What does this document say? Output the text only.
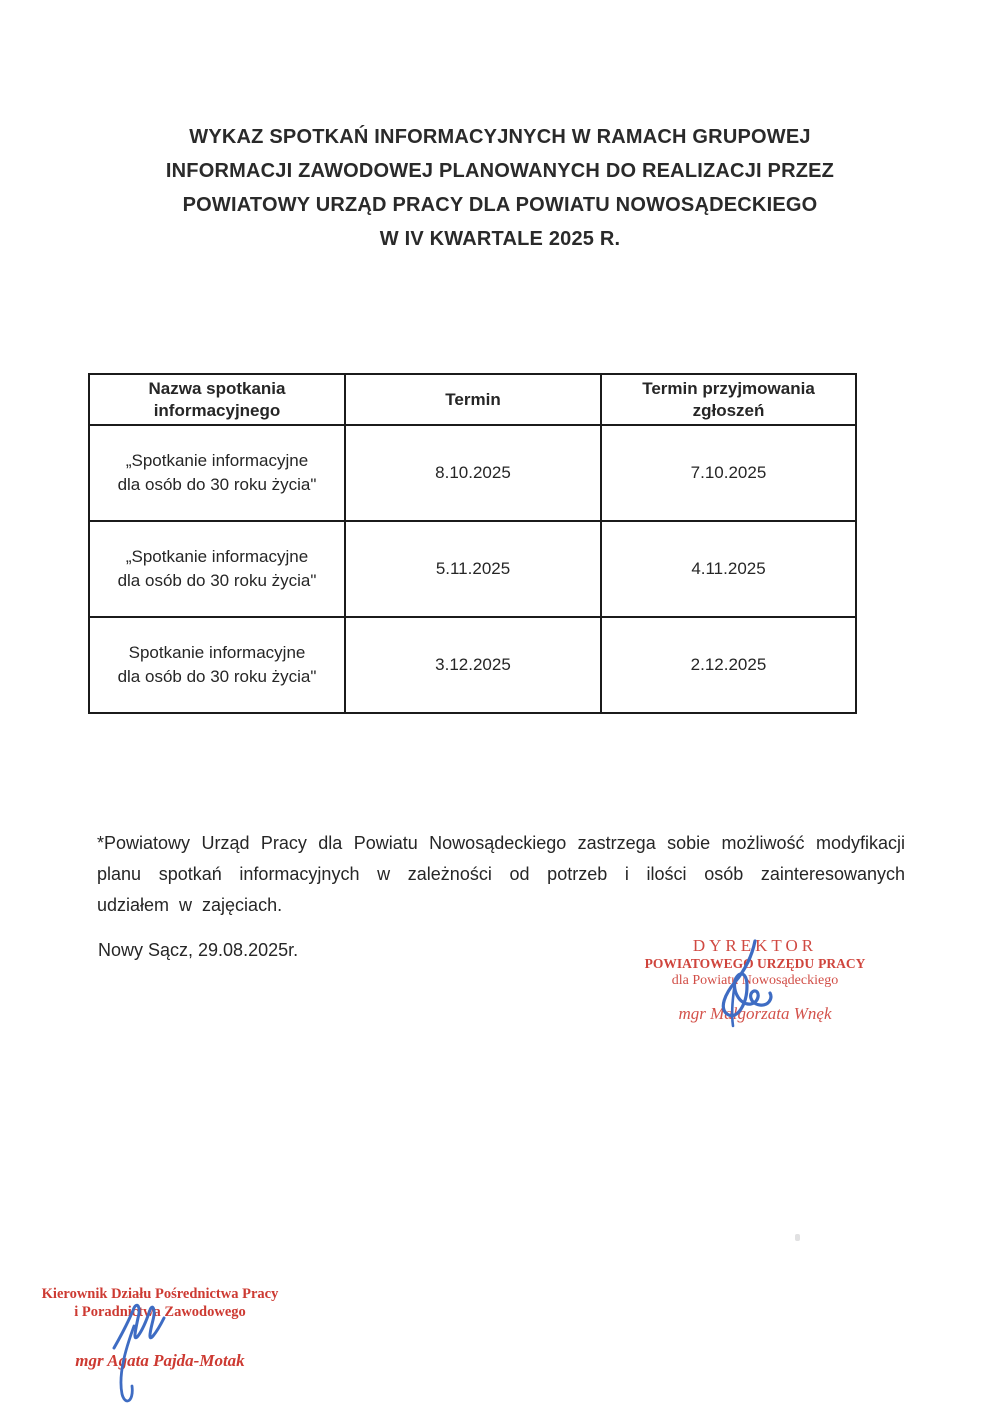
WYKAZ SPOTKAŃ INFORMACYJNYCH W RAMACH GRUPOWEJ
INFORMACJI ZAWODOWEJ PLANOWANYCH DO REALIZACJI PRZEZ
POWIATOWY URZĄD PRACY DLA POWIATU NOWOSĄDECKIEGO
W IV KWARTALE 2025 R.
Nazwa spotkania informacyjnego	Termin	Termin przyjmowania zgłoszeń

„Spotkanie informacyjne
dla osób do 30 roku życia"	8.10.2025	7.10.2025

„Spotkanie informacyjne
dla osób do 30 roku życia"	5.11.2025	4.11.2025

Spotkanie informacyjne
dla osób do 30 roku życia"	3.12.2025	2.12.2025

*Powiatowy Urząd Pracy dla Powiatu Nowosądeckiego zastrzega sobie możliwość modyfikacji planu spotkań informacyjnych w zależności od potrzeb i ilości osób zainteresowanych udziałem w zajęciach.

Nowy Sącz, 29.08.2025r.	DYREKTOR
POWIATOWEGO URZĘDU PRACY
dla Powiatu Nowosądeckiego
mgr Małgorzata Wnęk
Kierownik Działu Pośrednictwa Pracy
i Poradnictwa Zawodowego
mgr Agata Pajda-Motak
